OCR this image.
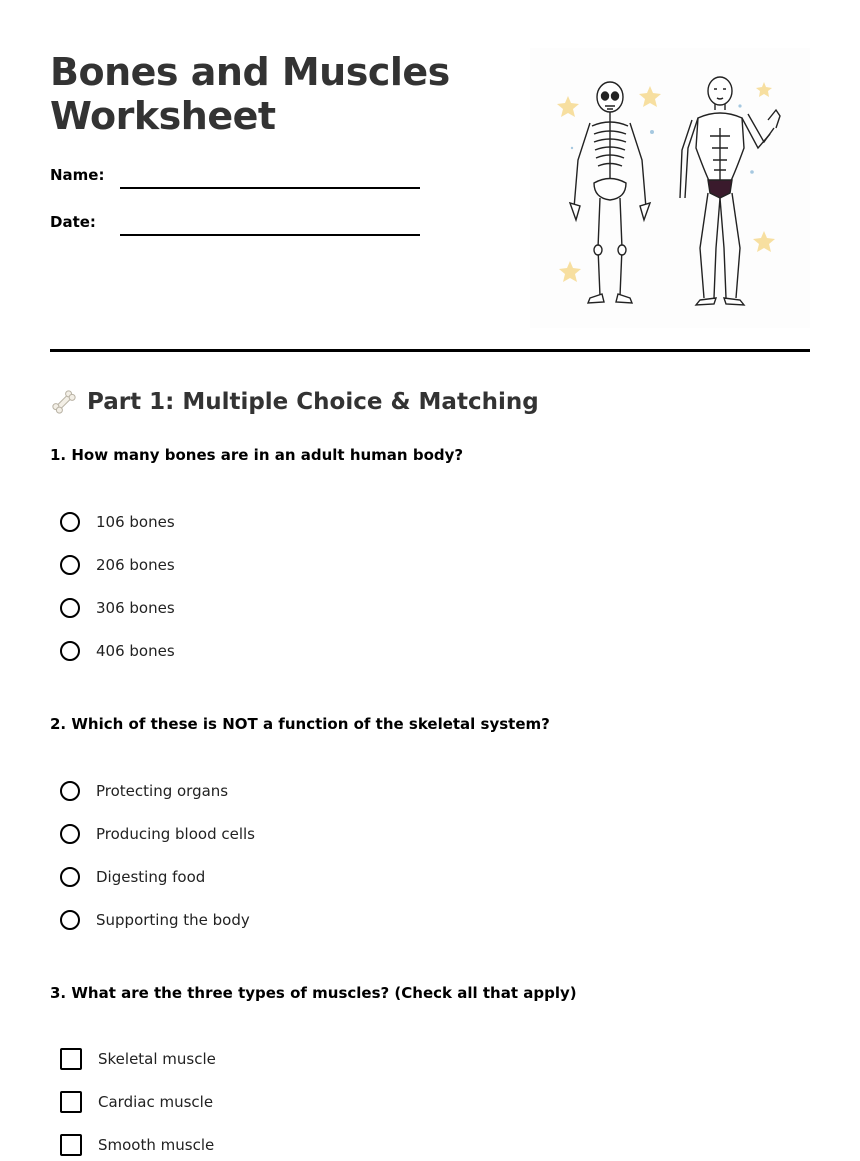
Bones and Muscles
Worksheet
Name:
Date:
Part 1: Multiple Choice & Matching
1. How many bones are in an adult human body?
106 bones
206 bones
306 bones
406 bones
2. Which of these is NOT a function of the skeletal system?
Protecting organs
Producing blood cells
Digesting food
Supporting the body
3. What are the three types of muscles? (Check all that apply)
Skeletal muscle
Cardiac muscle
Smooth muscle
